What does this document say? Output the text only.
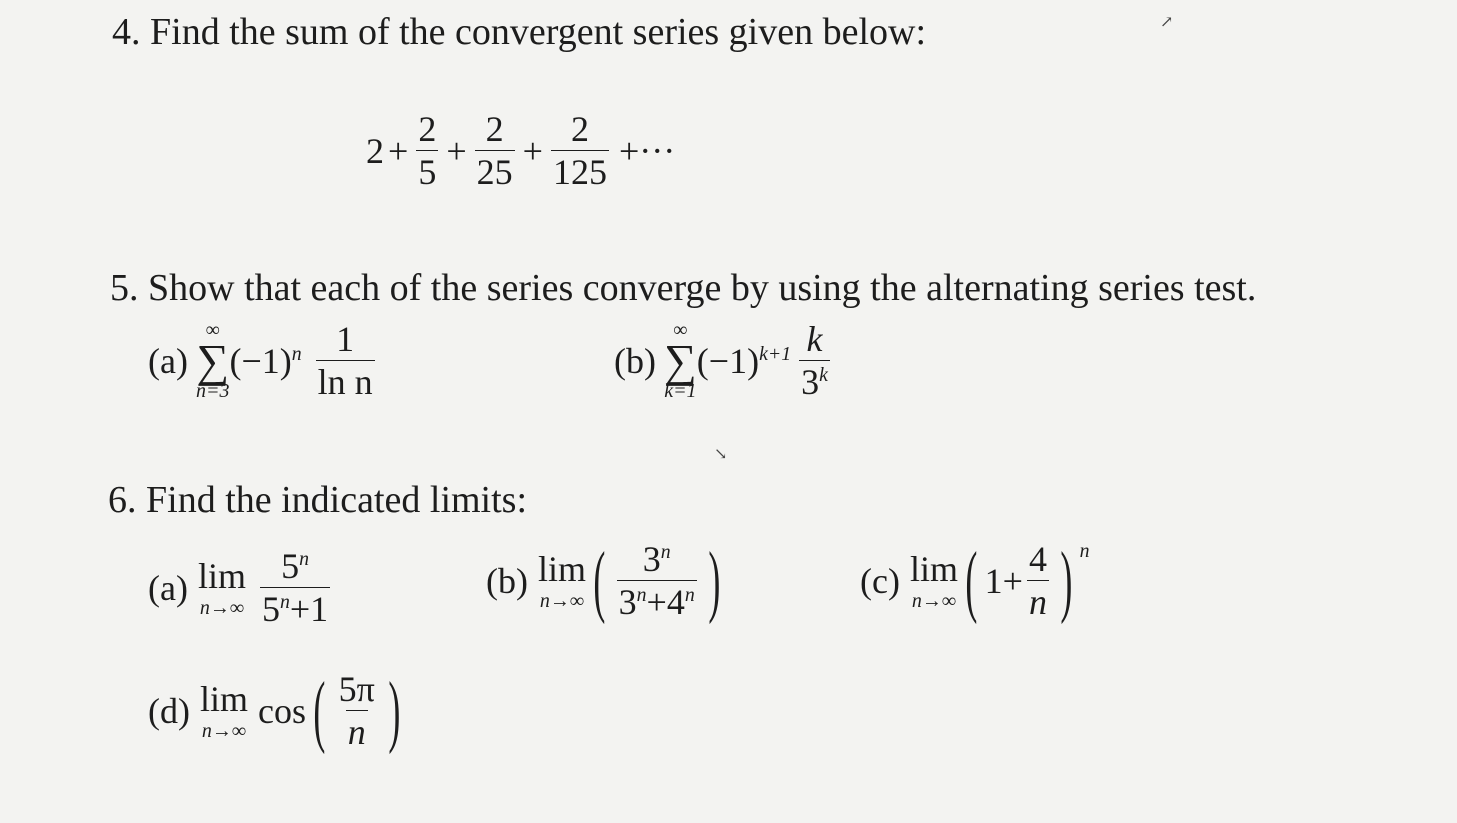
4. Find the sum of the convergent series given below:
$2 + \frac{2}{5} + \frac{2}{25} + \frac{2}{125}$ +···
5. Show that each of the series converge by using the alternating series test.
(a)
∞
∑
n=3
$(-1)^n \frac{1}{\text{ln n}}$	(b)
∞
∑
k=1
$(-1)^{k+1} \frac{k}{3^k}$
6. Find the indicated limits:
(a) lim
$n\to\infty \frac{5^n}{5^n+1}$	(b) lim
n→∞ ( $\frac{3^n}{3^n+4^n}$ )	(c) lim
n→∞ ( $1+ \frac{4}{n}$ ) $^n$
(d) lim
n→∞ cos ( $\frac{5\pi}{n}$ )
↗
↘
